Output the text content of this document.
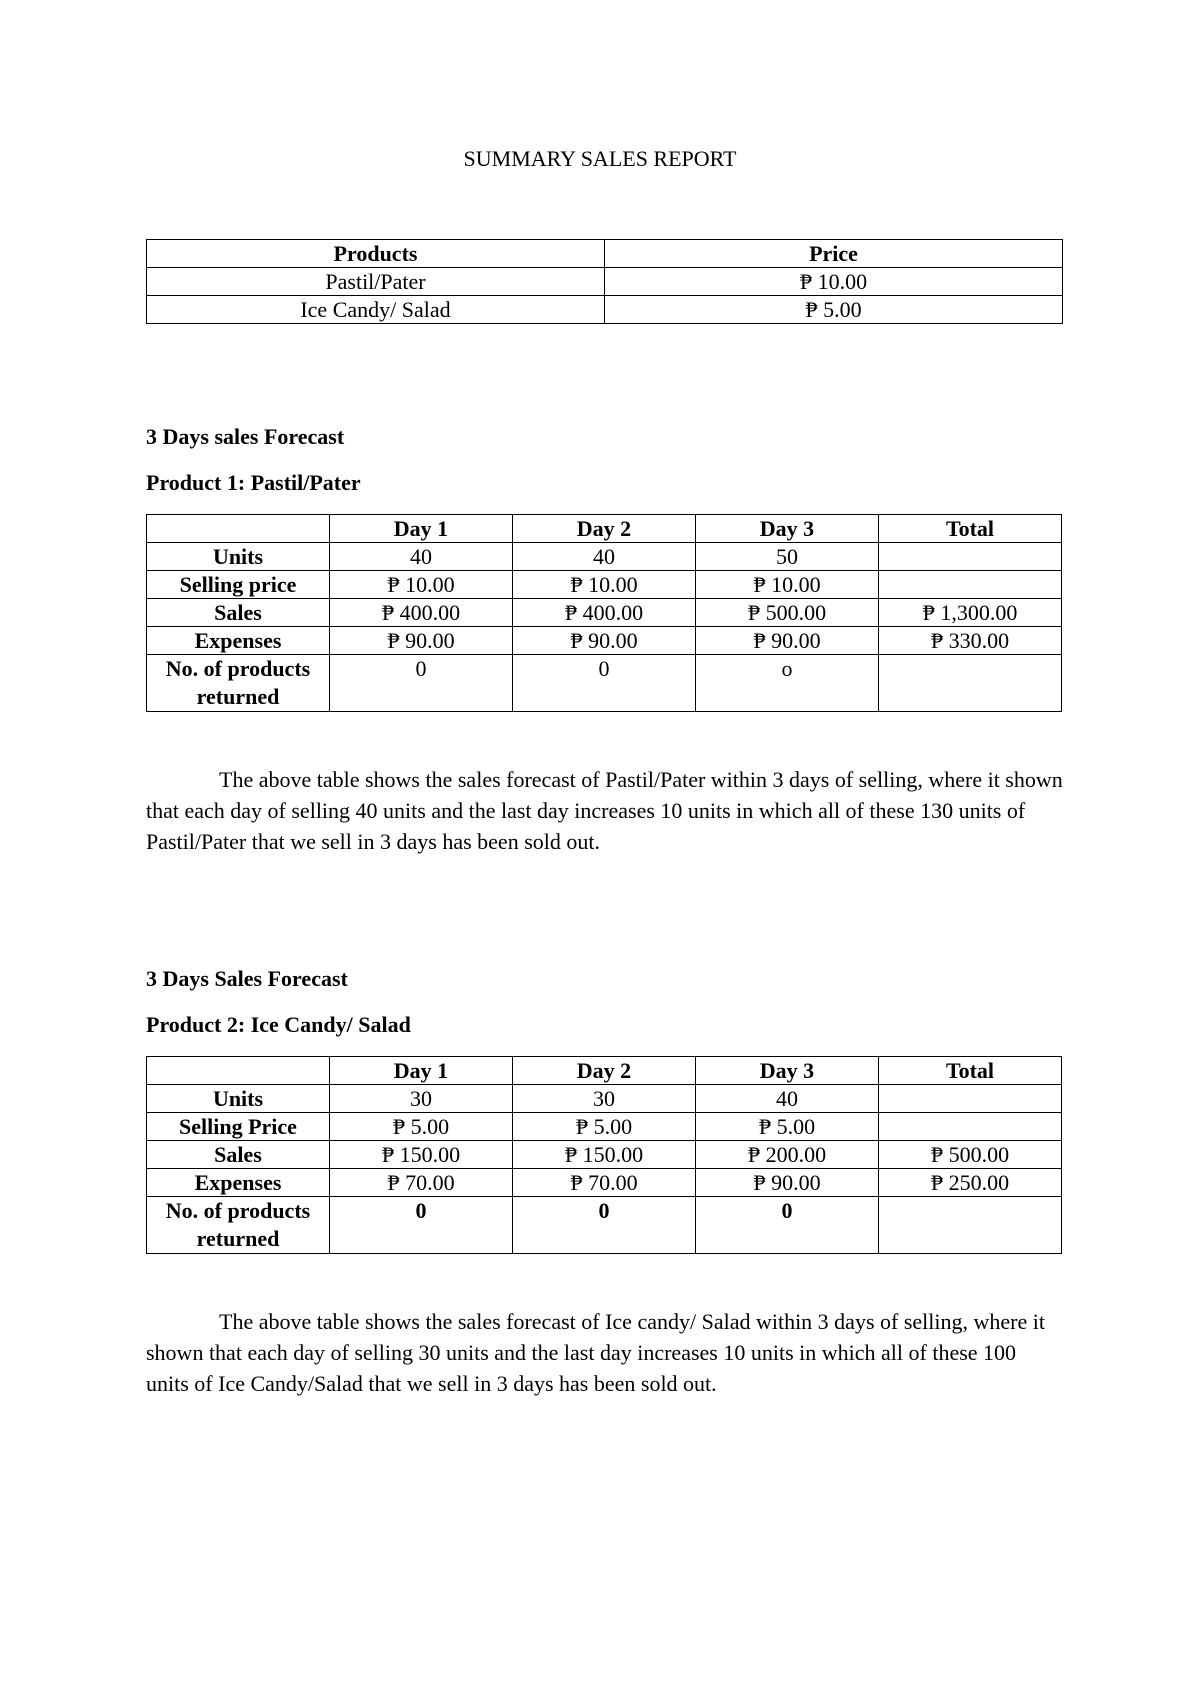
SUMMARY SALES REPORT
Products	Price
Pastil/Pater	₱ 10.00
Ice Candy/ Salad	₱ 5.00
3 Days sales Forecast
Product 1: Pastil/Pater
	Day 1	Day 2	Day 3	Total
Units	40	40	50	
Selling price	₱ 10.00	₱ 10.00	₱ 10.00	
Sales	₱ 400.00	₱ 400.00	₱ 500.00	₱ 1,300.00
Expenses	₱ 90.00	₱ 90.00	₱ 90.00	₱ 330.00
No. of products returned	0	0	o	

The above table shows the sales forecast of Pastil/Pater within 3 days of selling, where it shown that each day of selling 40 units and the last day increases 10 units in which all of these 130 units of Pastil/Pater that we sell in 3 days has been sold out.

3 Days Sales Forecast
Product 2: Ice Candy/ Salad
	Day 1	Day 2	Day 3	Total
Units	30	30	40	
Selling Price	₱ 5.00	₱ 5.00	₱ 5.00	
Sales	₱ 150.00	₱ 150.00	₱ 200.00	₱ 500.00
Expenses	₱ 70.00	₱ 70.00	₱ 90.00	₱ 250.00
No. of products returned	0	0	0	

The above table shows the sales forecast of Ice candy/ Salad within 3 days of selling, where it shown that each day of selling 30 units and the last day increases 10 units in which all of these 100 units of Ice Candy/Salad that we sell in 3 days has been sold out.
